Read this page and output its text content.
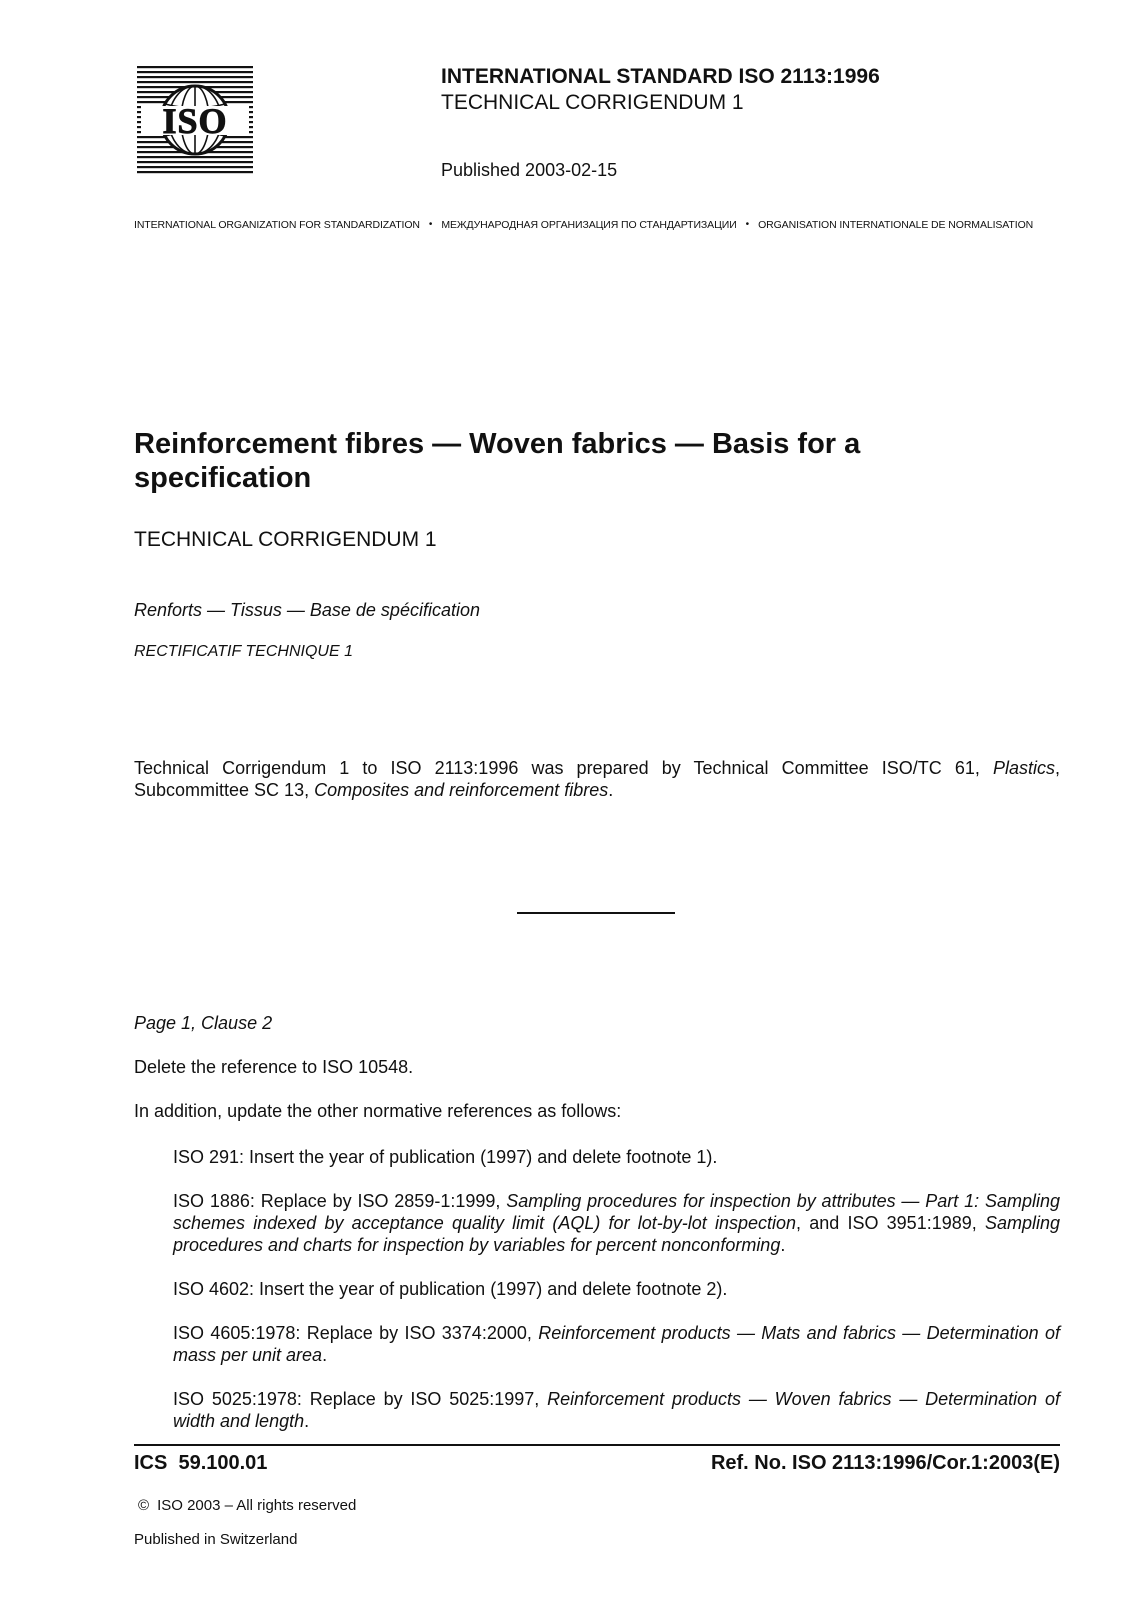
ISO
INTERNATIONAL STANDARD ISO 2113:1996
TECHNICAL CORRIGENDUM 1
Published 2003-02-15
INTERNATIONAL ORGANIZATION FOR STANDARDIZATION • МЕЖДУНАРОДНАЯ ОРГАНИЗАЦИЯ ПО СТАНДАРТИЗАЦИИ • ORGANISATION INTERNATIONALE DE NORMALISATION
Reinforcement fibres — Woven fabrics — Basis for a specification
TECHNICAL CORRIGENDUM 1
Renforts — Tissus — Base de spécification
RECTIFICATIF TECHNIQUE 1
Technical Corrigendum 1 to ISO 2113:1996 was prepared by Technical Committee ISO/TC 61, Plastics, Subcommittee SC 13, Composites and reinforcement fibres.
Page 1, Clause 2
Delete the reference to ISO 10548.
In addition, update the other normative references as follows:
ISO 291: Insert the year of publication (1997) and delete footnote 1).
ISO 1886: Replace by ISO 2859-1:1999, Sampling procedures for inspection by attributes — Part 1: Sampling schemes indexed by acceptance quality limit (AQL) for lot-by-lot inspection, and ISO 3951:1989, Sampling procedures and charts for inspection by variables for percent nonconforming.
ISO 4602: Insert the year of publication (1997) and delete footnote 2).
ISO 4605:1978: Replace by ISO 3374:2000, Reinforcement products — Mats and fabrics — Determination of mass per unit area.
ISO 5025:1978: Replace by ISO 5025:1997, Reinforcement products — Woven fabrics — Determination of width and length.
ICS  59.100.01	Ref. No. ISO 2113:1996/Cor.1:2003(E)
© ISO 2003 – All rights reserved
Published in Switzerland
